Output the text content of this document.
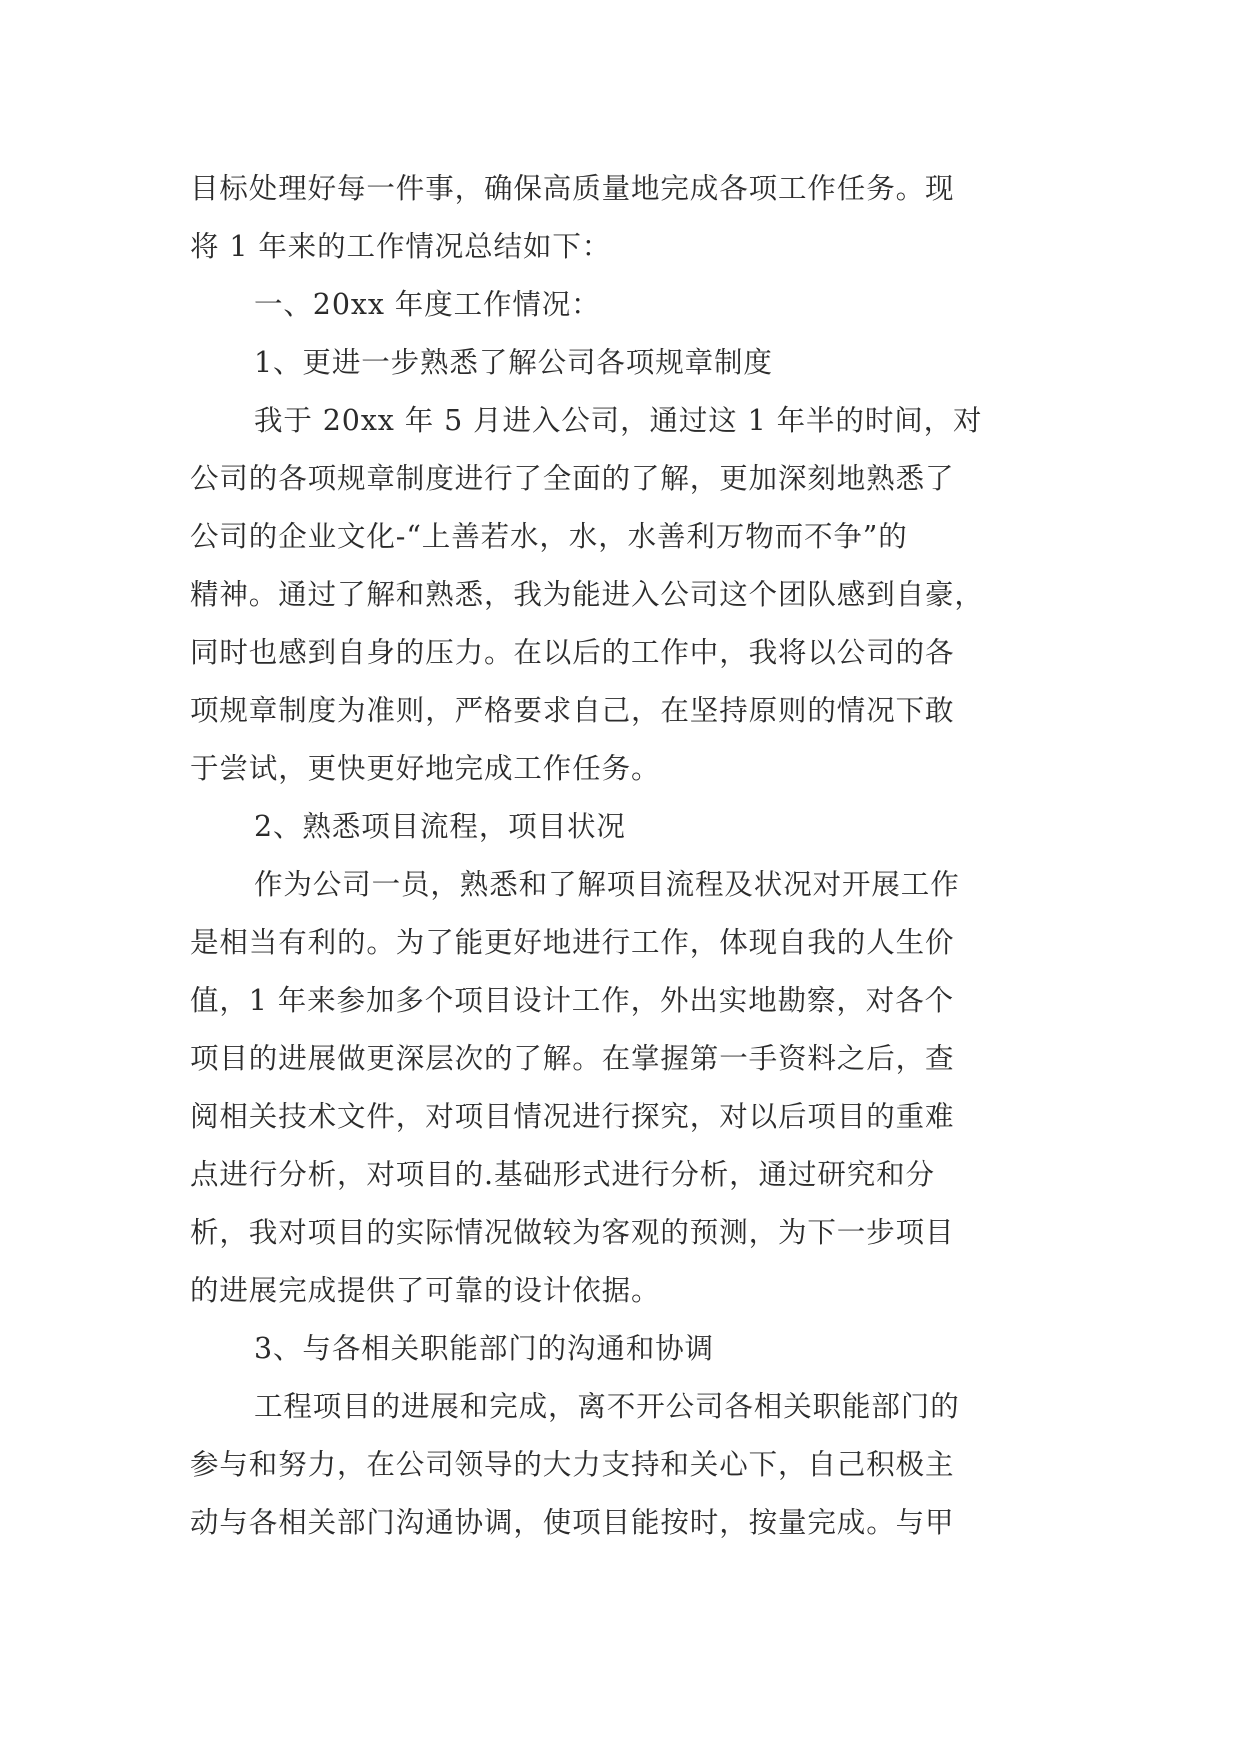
目标处理好每一件事，确保高质量地完成各项工作任务。现
将 1 年来的工作情况总结如下：
一、20xx 年度工作情况：
1、更进一步熟悉了解公司各项规章制度
我于 20xx 年 5 月进入公司，通过这 1 年半的时间，对
公司的各项规章制度进行了全面的了解，更加深刻地熟悉了
公司的企业文化-“上善若水，水，水善利万物而不争”的
精神。通过了解和熟悉，我为能进入公司这个团队感到自豪，
同时也感到自身的压力。在以后的工作中，我将以公司的各
项规章制度为准则，严格要求自己，在坚持原则的情况下敢
于尝试，更快更好地完成工作任务。
2、熟悉项目流程，项目状况
作为公司一员，熟悉和了解项目流程及状况对开展工作
是相当有利的。为了能更好地进行工作，体现自我的人生价
值，1 年来参加多个项目设计工作，外出实地勘察，对各个
项目的进展做更深层次的了解。在掌握第一手资料之后，查
阅相关技术文件，对项目情况进行探究，对以后项目的重难
点进行分析，对项目的.基础形式进行分析，通过研究和分
析，我对项目的实际情况做较为客观的预测，为下一步项目
的进展完成提供了可靠的设计依据。
3、与各相关职能部门的沟通和协调
工程项目的进展和完成，离不开公司各相关职能部门的
参与和努力，在公司领导的大力支持和关心下，自己积极主
动与各相关部门沟通协调，使项目能按时，按量完成。与甲
